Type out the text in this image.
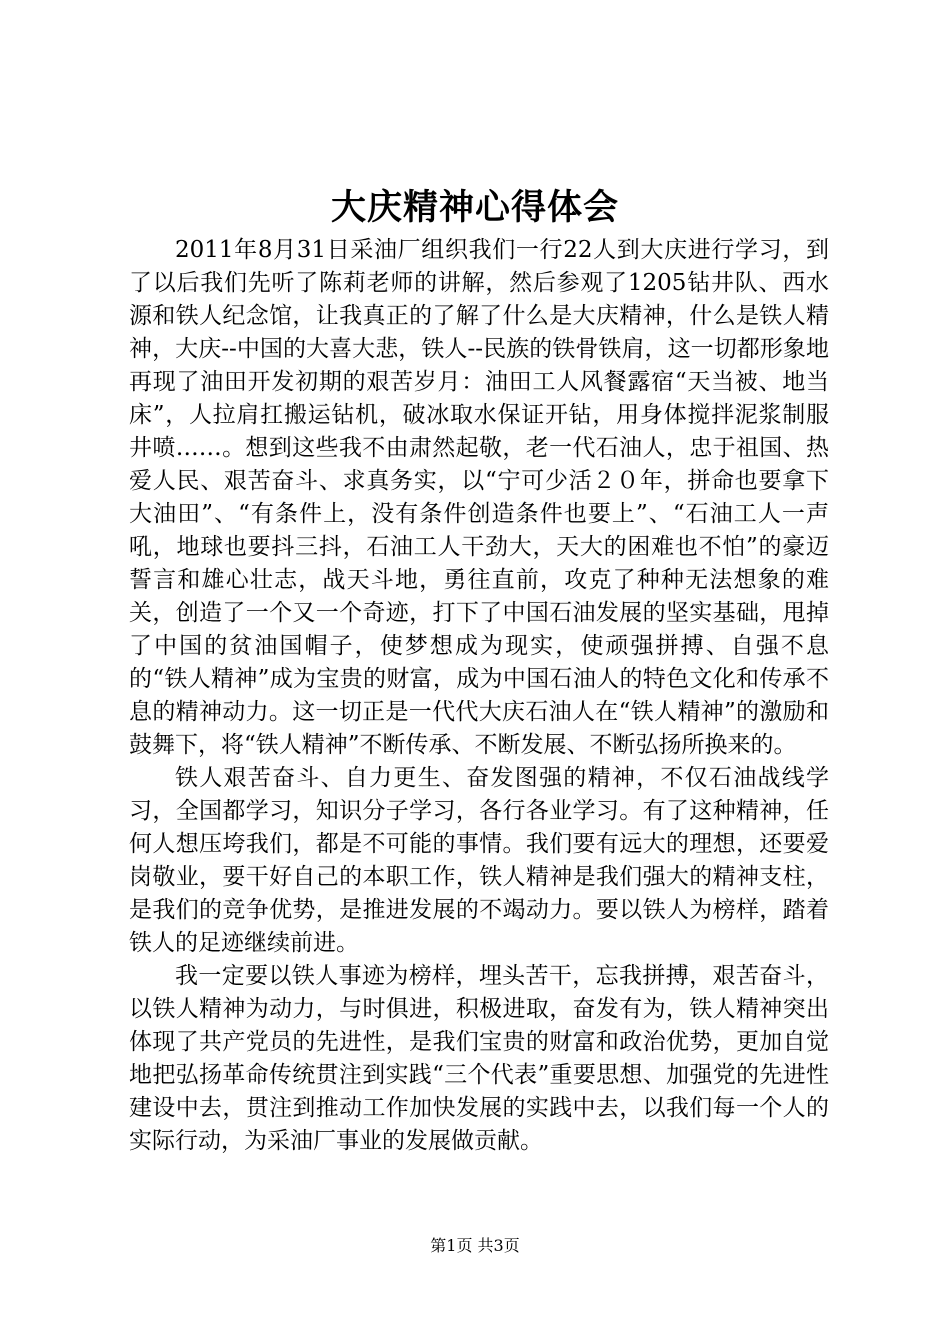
大庆精神心得体会

2011年8月31日采油厂组织我们一行22人到大庆进行学习，到了以后我们先听了陈莉老师的讲解，然后参观了1205钻井队、西水源和铁人纪念馆，让我真正的了解了什么是大庆精神，什么是铁人精神，大庆--中国的大喜大悲，铁人--民族的铁骨铁肩，这一切都形象地再现了油田开发初期的艰苦岁月：油田工人风餐露宿“天当被、地当床”，人拉肩扛搬运钻机，破冰取水保证开钻，用身体搅拌泥浆制服井喷……。想到这些我不由肃然起敬，老一代石油人，忠于祖国、热爱人民、艰苦奋斗、求真务实，以“宁可少活２０年，拼命也要拿下大油田”、“有条件上，没有条件创造条件也要上”、“石油工人一声吼，地球也要抖三抖，石油工人干劲大，天大的困难也不怕”的豪迈誓言和雄心壮志，战天斗地，勇往直前，攻克了种种无法想象的难关，创造了一个又一个奇迹，打下了中国石油发展的坚实基础，甩掉了中国的贫油国帽子，使梦想成为现实，使顽强拼搏、自强不息的“铁人精神”成为宝贵的财富，成为中国石油人的特色文化和传承不息的精神动力。这一切正是一代代大庆石油人在“铁人精神”的激励和鼓舞下，将“铁人精神”不断传承、不断发展、不断弘扬所换来的。

铁人艰苦奋斗、自力更生、奋发图强的精神，不仅石油战线学习，全国都学习，知识分子学习，各行各业学习。有了这种精神，任何人想压垮我们，都是不可能的事情。我们要有远大的理想，还要爱岗敬业，要干好自己的本职工作，铁人精神是我们强大的精神支柱，是我们的竞争优势，是推进发展的不竭动力。要以铁人为榜样，踏着铁人的足迹继续前进。

我一定要以铁人事迹为榜样，埋头苦干，忘我拼搏，艰苦奋斗，以铁人精神为动力，与时俱进，积极进取，奋发有为，铁人精神突出体现了共产党员的先进性，是我们宝贵的财富和政治优势，更加自觉地把弘扬革命传统贯注到实践“三个代表”重要思想、加强党的先进性建设中去，贯注到推动工作加快发展的实践中去，以我们每一个人的实际行动，为采油厂事业的发展做贡献。

第1页 共3页
